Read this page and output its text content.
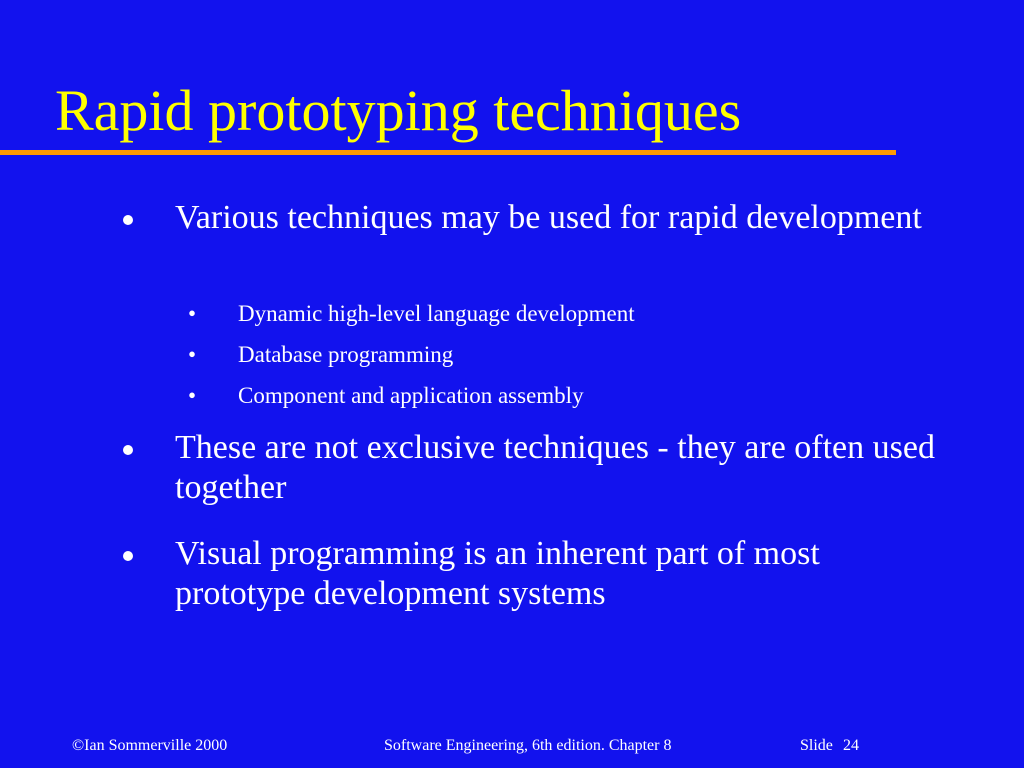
Rapid prototyping techniques
Various techniques may be used for rapid development
• Dynamic high-level language development
• Database programming
• Component and application assembly
These are not exclusive techniques - they are often used together
Visual programming is an inherent part of most prototype development systems
©Ian Sommerville 2000	Software Engineering, 6th edition. Chapter 8	Slide 24
